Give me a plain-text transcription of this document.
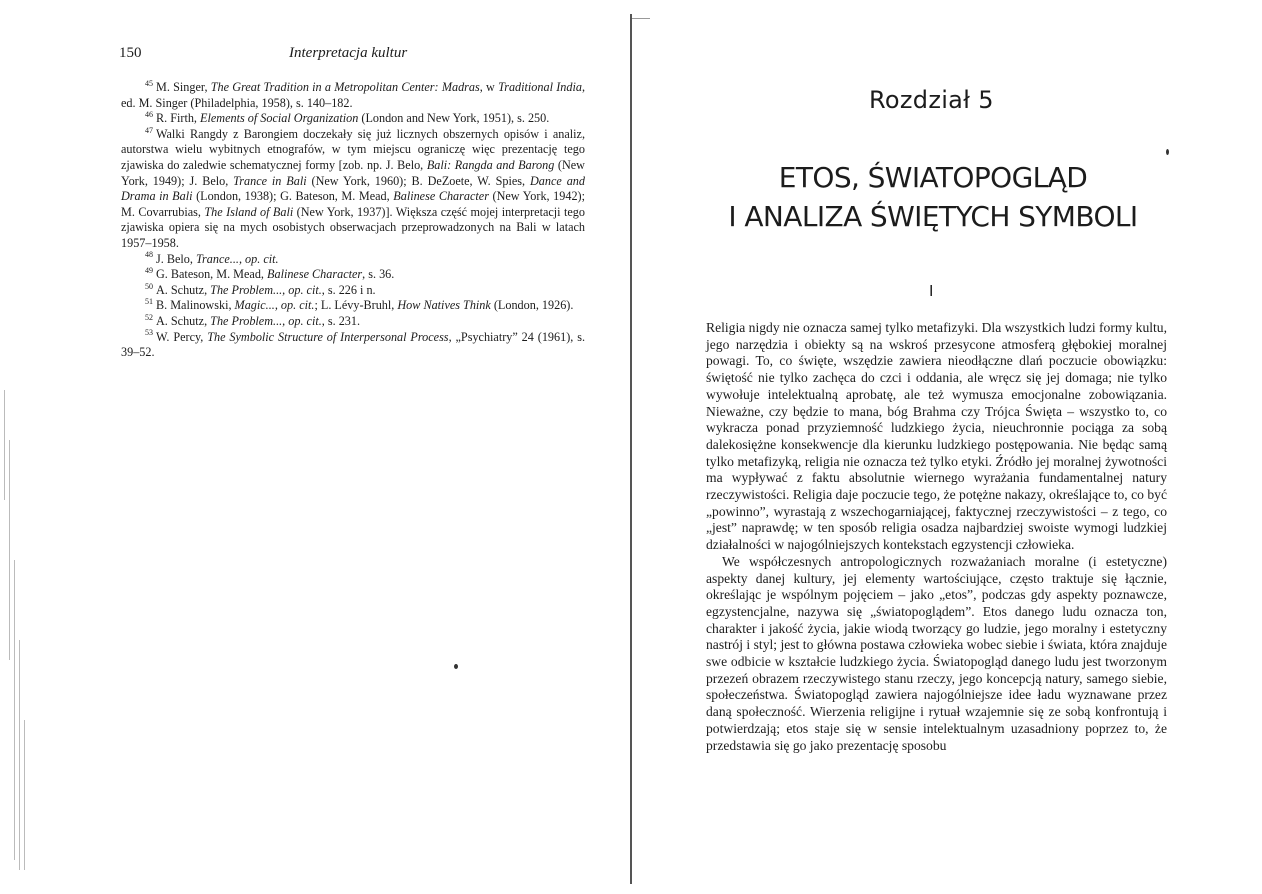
150	Interpretacja kultur

$^{45}$ M. Singer, The Great Tradition in a Metropolitan Center: Madras, w Traditional India, ed. M. Singer (Philadelphia, 1958), s. 140–182.

$^{46}$ R. Firth, Elements of Social Organization (London and New York, 1951), s. 250.

$^{47}$ Walki Rangdy z Barongiem doczekały się już licznych obszernych opisów i analiz, autorstwa wielu wybitnych etnografów, w tym miejscu ograniczę więc prezentację tego zjawiska do zaledwie schematycznej formy [zob. np. J. Belo, Bali: Rangda and Barong (New York, 1949); J. Belo, Trance in Bali (New York, 1960); B. DeZoete, W. Spies, Dance and Drama in Bali (London, 1938); G. Bateson, M. Mead, Balinese Character (New York, 1942); M. Covarrubias, The Island of Bali (New York, 1937)]. Większa część mojej interpretacji tego zjawiska opiera się na mych osobistych obserwacjach przeprowadzonych na Bali w latach 1957–1958.

$^{48}$ J. Belo, Trance..., op. cit.

$^{49}$ G. Bateson, M. Mead, Balinese Character, s. 36.

$^{50}$ A. Schutz, The Problem..., op. cit., s. 226 i n.

$^{51}$ B. Malinowski, Magic..., op. cit.; L. Lévy-Bruhl, How Natives Think (London, 1926).

$^{52}$ A. Schutz, The Problem..., op. cit., s. 231.

$^{53}$ W. Percy, The Symbolic Structure of Interpersonal Process, „Psychiatry” 24 (1961), s. 39–52.

Rozdział 5
ETOS, ŚWIATOPOGLĄD
I ANALIZA ŚWIĘTYCH SYMBOLI
I

Religia nigdy nie oznacza samej tylko metafizyki. Dla wszystkich ludzi formy kultu, jego narzędzia i obiekty są na wskroś przesycone atmosferą głębokiej moralnej powagi. To, co święte, wszędzie zawiera nieodłączne dlań poczucie obowiązku: świętość nie tylko zachęca do czci i oddania, ale wręcz się jej domaga; nie tylko wywołuje intelektualną aprobatę, ale też wymusza emocjonalne zobowiązania. Nieważne, czy będzie to mana, bóg Brahma czy Trójca Święta – wszystko to, co wykracza ponad przyziemność ludzkiego życia, nieuchronnie pociąga za sobą dalekosiężne konsekwencje dla kierunku ludzkiego postępowania. Nie będąc samą tylko metafizyką, religia nie oznacza też tylko etyki. Źródło jej moralnej żywotności ma wypływać z faktu absolutnie wiernego wyrażania fundamentalnej natury rzeczywistości. Religia daje poczucie tego, że potężne nakazy, określające to, co być „powinno”, wyrastają z wszechogarniającej, faktycznej rzeczywistości – z tego, co „jest” naprawdę; w ten sposób religia osadza najbardziej swoiste wymogi ludzkiej działalności w najogólniejszych kontekstach egzystencji człowieka.

We współczesnych antropologicznych rozważaniach moralne (i estetyczne) aspekty danej kultury, jej elementy wartościujące, często traktuje się łącznie, określając je wspólnym pojęciem – jako „etos”, podczas gdy aspekty poznawcze, egzystencjalne, nazywa się „światopoglądem”. Etos danego ludu oznacza ton, charakter i jakość życia, jakie wiodą tworzący go ludzie, jego moralny i estetyczny nastrój i styl; jest to główna postawa człowieka wobec siebie i świata, która znajduje swe odbicie w kształcie ludzkiego życia. Światopogląd danego ludu jest tworzonym przezeń obrazem rzeczywistego stanu rzeczy, jego koncepcją natury, samego siebie, społeczeństwa. Światopogląd zawiera najogólniejsze idee ładu wyznawane przez daną społeczność. Wierzenia religijne i rytuał wzajemnie się ze sobą konfrontują i potwierdzają; etos staje się w sensie intelektualnym uzasadniony poprzez to, że przedstawia się go jako prezentację sposobu
